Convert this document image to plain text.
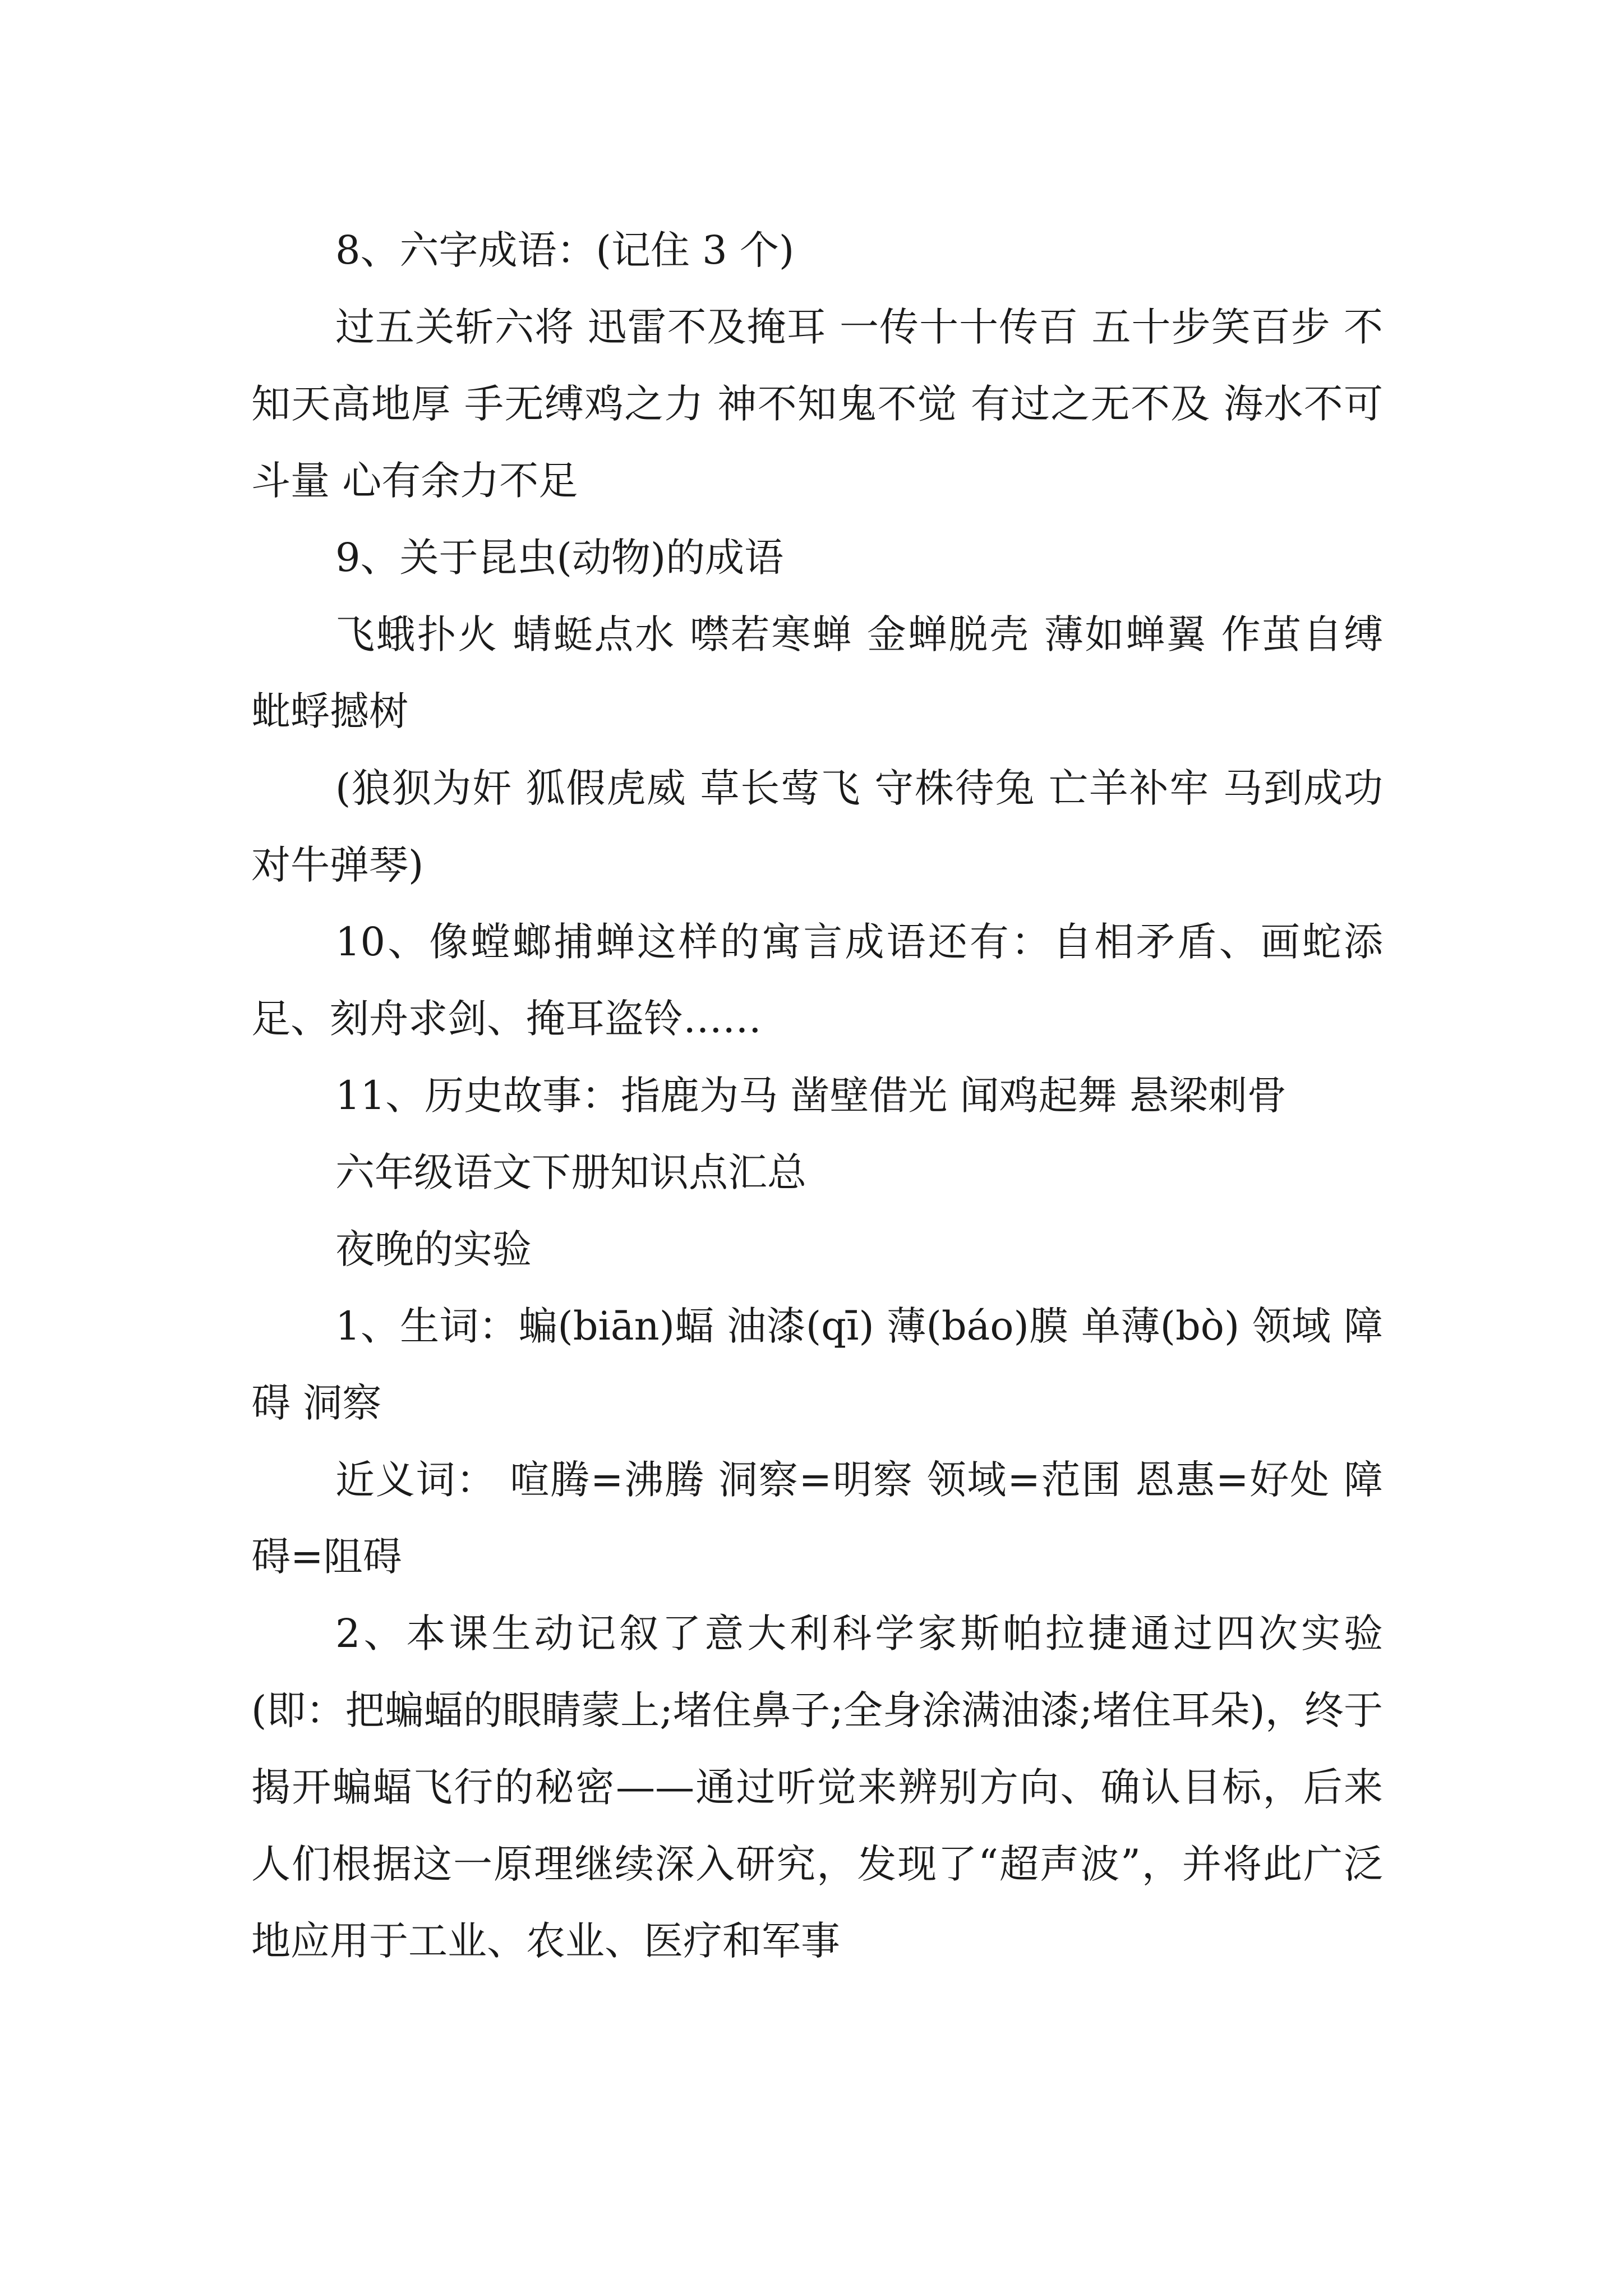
8、六字成语：(记住 3 个)

过五关斩六将 迅雷不及掩耳 一传十十传百 五十步笑百步 不知天高地厚 手无缚鸡之力 神不知鬼不觉 有过之无不及 海水不可斗量 心有余力不足

9、关于昆虫(动物)的成语

飞蛾扑火 蜻蜓点水 噤若寒蝉 金蝉脱壳 薄如蝉翼 作茧自缚 蚍蜉撼树

(狼狈为奸 狐假虎威 草长莺飞 守株待兔 亡羊补牢 马到成功 对牛弹琴)

10、像螳螂捕蝉这样的寓言成语还有：自相矛盾、画蛇添足、刻舟求剑、掩耳盗铃……

11、历史故事：指鹿为马 凿壁借光 闻鸡起舞 悬梁刺骨

六年级语文下册知识点汇总

夜晚的实验

1、生词：蝙(biān)蝠 油漆(qī) 薄(báo)膜 单薄(bò) 领域 障碍 洞察

近义词： 喧腾=沸腾 洞察=明察 领域=范围 恩惠=好处 障碍=阻碍

2、本课生动记叙了意大利科学家斯帕拉捷通过四次实验(即：把蝙蝠的眼睛蒙上;堵住鼻子;全身涂满油漆;堵住耳朵)，终于揭开蝙蝠飞行的秘密——通过听觉来辨别方向、确认目标，后来人们根据这一原理继续深入研究，发现了“超声波”，并将此广泛地应用于工业、农业、医疗和军事
